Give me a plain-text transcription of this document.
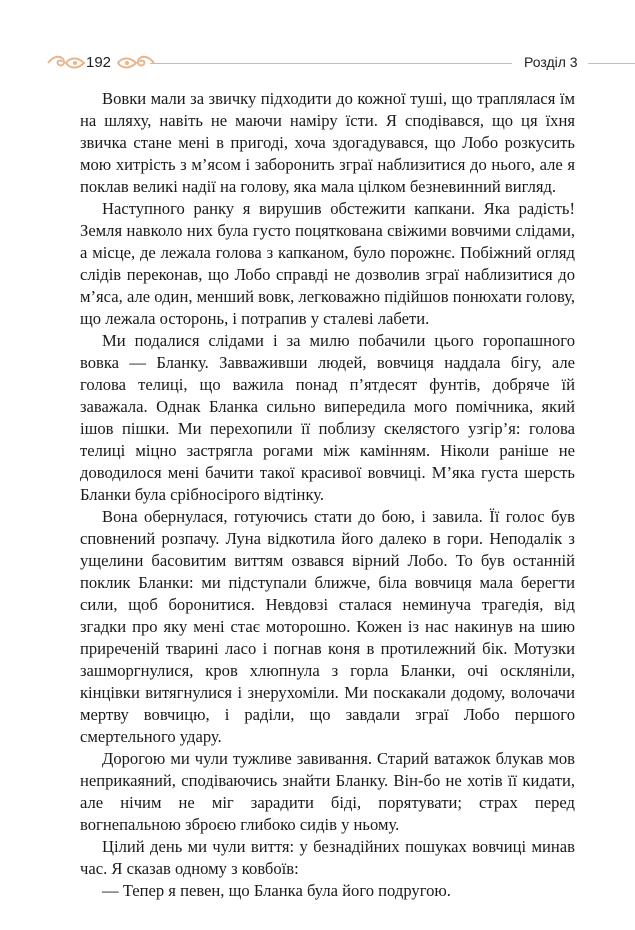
192	Розділ 3

Вовки мали за звичку підходити до кожної туші, що траплялася їм на шляху, навіть не маючи наміру їсти. Я сподівався, що ця їхня звичка стане мені в пригоді, хоча здогадувався, що Лобо розкусить мою хитрість з м’ясом і заборонить зграї наблизитися до нього, але я поклав великі надії на голову, яка мала цілком безневинний вигляд.

Наступного ранку я вирушив обстежити капкани. Яка радість! Земля навколо них була густо поцяткована свіжими вовчими слідами, а місце, де лежала голова з капканом, було порожнє. Побіжний огляд слідів переконав, що Лобо справді не дозволив зграї наблизитися до м’яса, але один, менший вовк, легковажно підійшов понюхати голову, що лежала осторонь, і потрапив у сталеві лабети.

Ми подалися слідами і за милю побачили цього горопашного вовка — Бланку. Завваживши людей, вовчиця наддала бігу, але голова телиці, що важила понад п’ятдесят фунтів, добряче їй заважала. Однак Бланка сильно випередила мого помічника, який ішов пішки. Ми перехопили її поблизу скелястого узгір’я: голова телиці міцно застрягла рогами між камінням. Ніколи раніше не доводилося мені бачити такої красивої вовчиці. М’яка густа шерсть Бланки була срібносірого відтінку.

Вона обернулася, готуючись стати до бою, і завила. Її голос був сповнений розпачу. Луна відкотила його далеко в гори. Неподалік з ущелини басовитим виттям озвався вірний Лобо. То був останній поклик Бланки: ми підступали ближче, біла вовчиця мала берегти сили, щоб боронитися. Невдовзі сталася неминуча трагедія, від згадки про яку мені стає моторошно. Кожен із нас накинув на шию приреченій тварині ласо і погнав коня в протилежний бік. Мотузки зашморгнулися, кров хлюпнула з горла Бланки, очі оскляніли, кінцівки витягнулися і знерухоміли. Ми поскакали додому, волочачи мертву вовчицю, і раділи, що завдали зграї Лобо першого смертельного удару.

Дорогою ми чули тужливе завивання. Старий ватажок блукав мов неприкаяний, сподіваючись знайти Бланку. Він-бо не хотів її кидати, але нічим не міг зарадити біді, порятувати; страх перед вогнепальною зброєю глибоко сидів у ньому.

Цілий день ми чули виття: у безнадійних пошуках вовчиці минав час. Я сказав одному з ковбоїв:

— Тепер я певен, що Бланка була його подругою.
